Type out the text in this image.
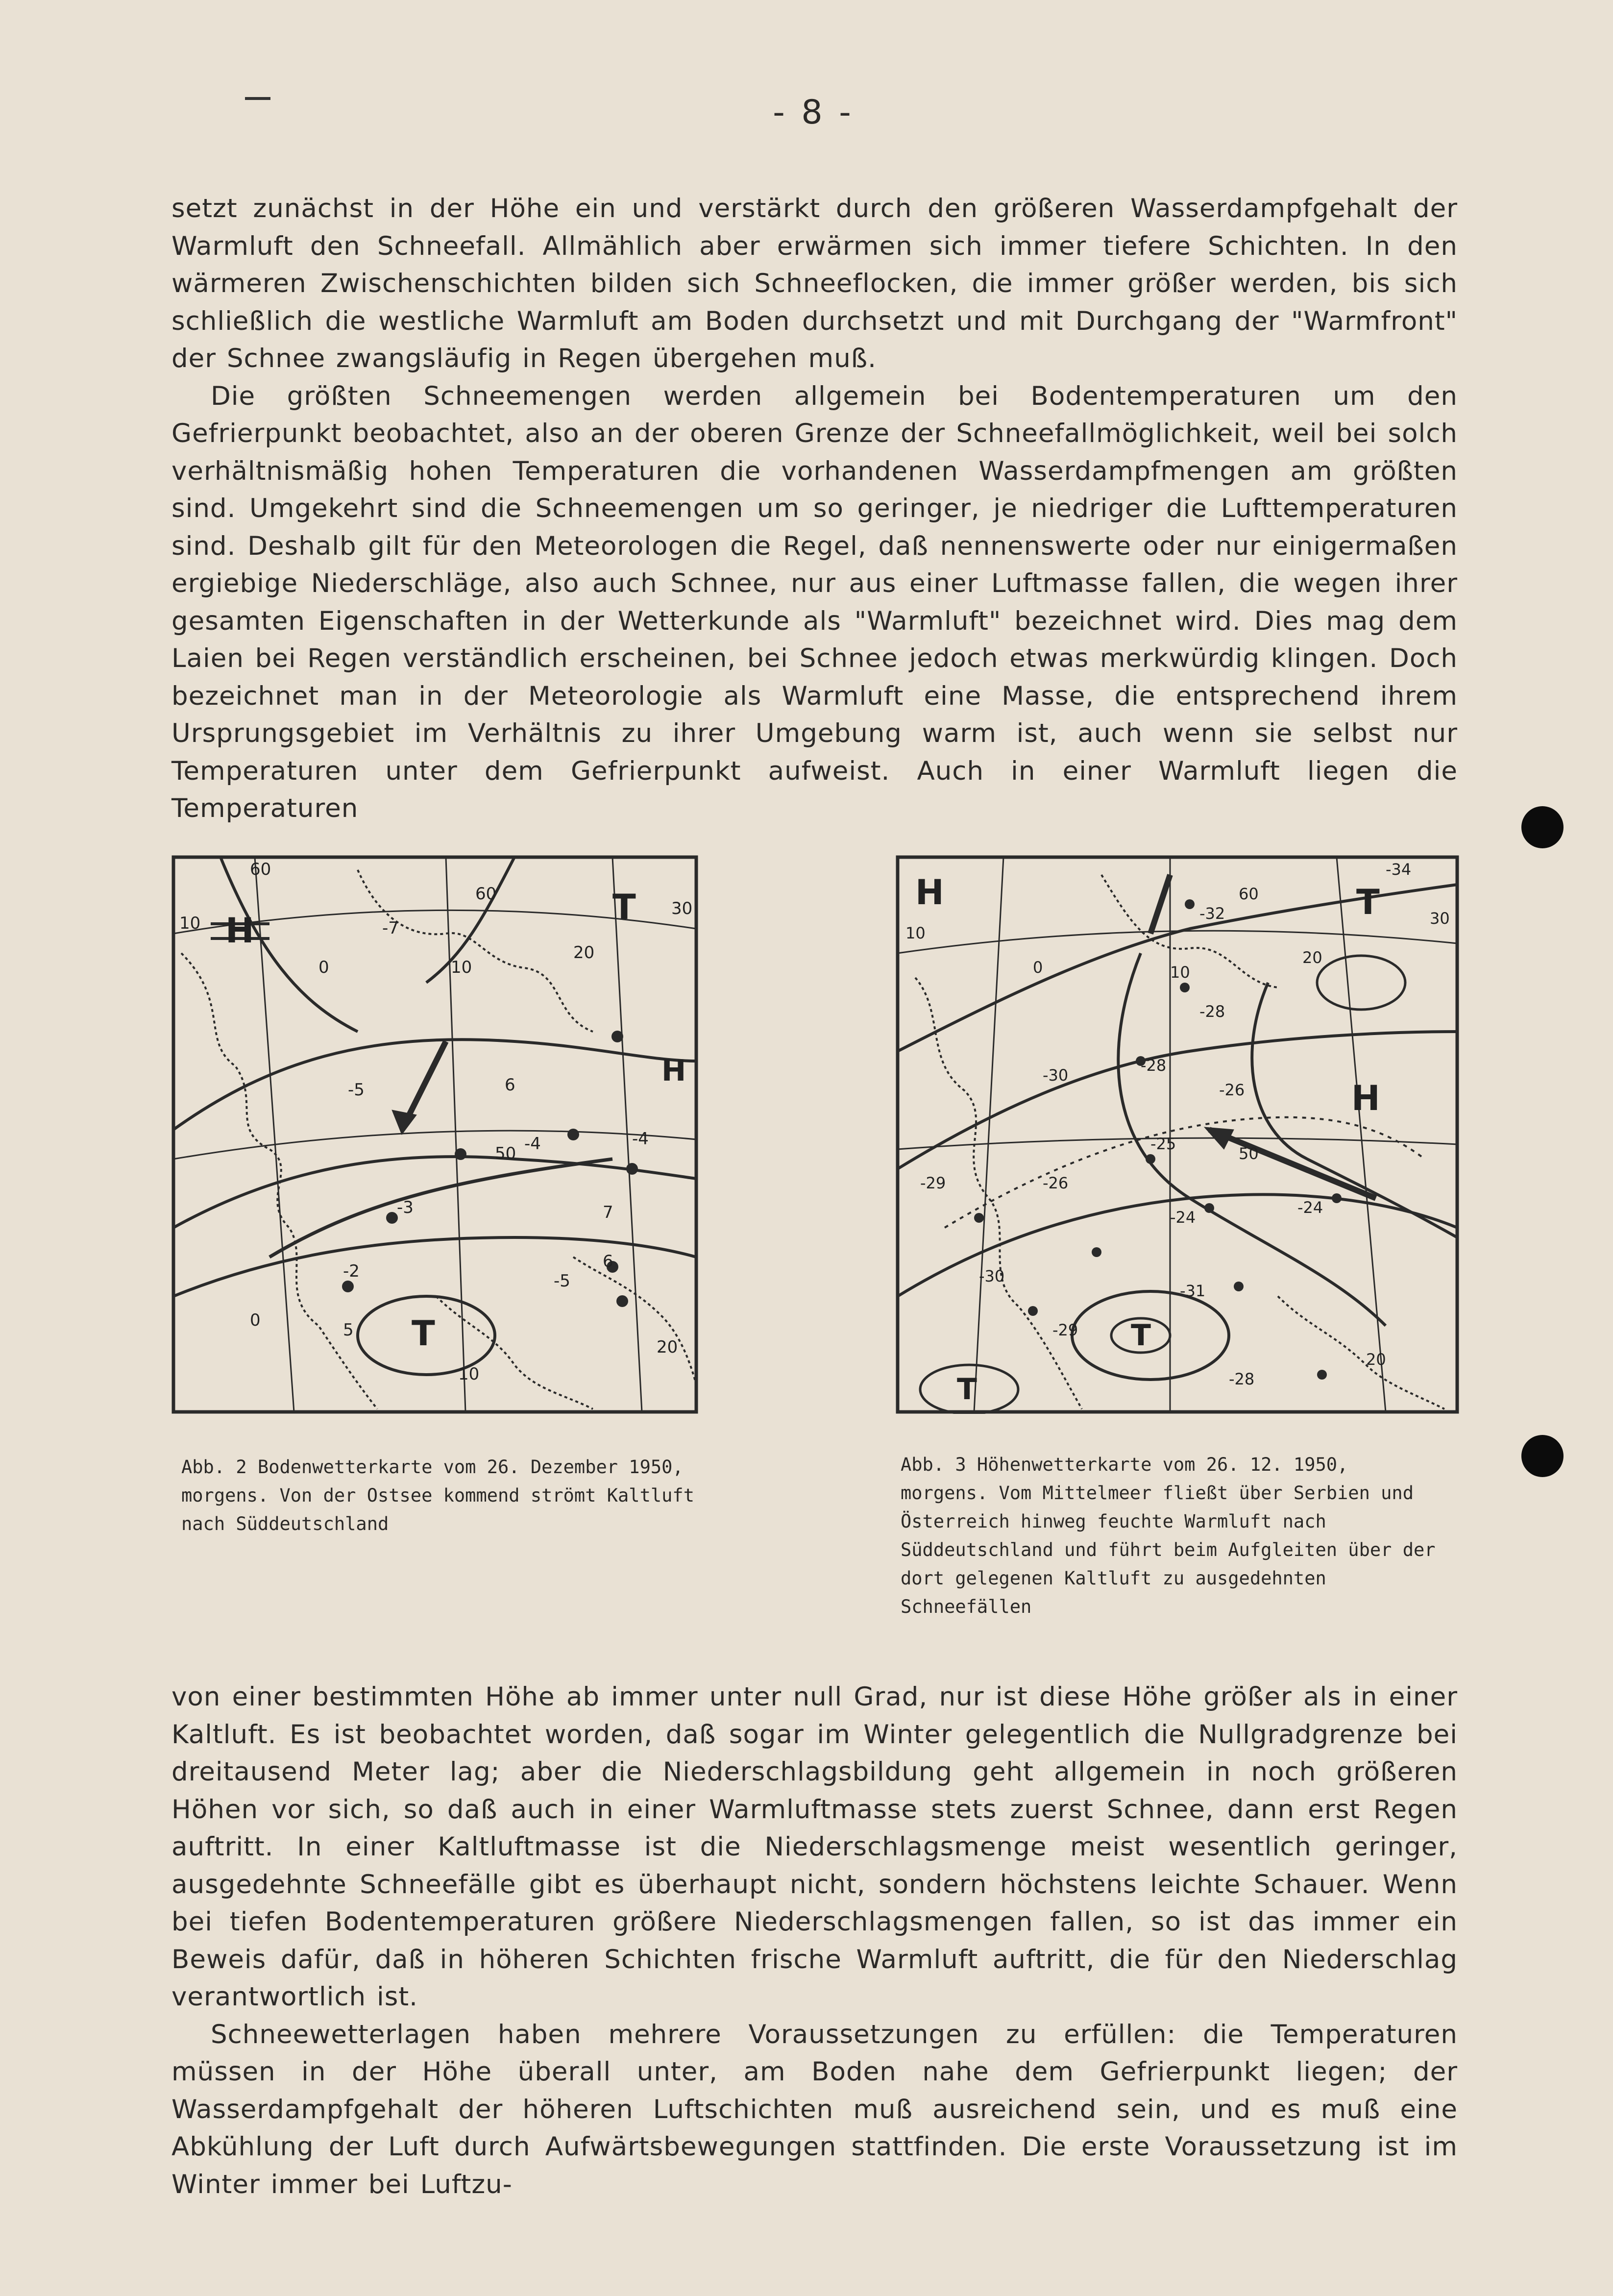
- 8 -

setzt zunächst in der Höhe ein und verstärkt durch den größeren Wasserdampfgehalt der Warmluft den Schneefall. Allmählich aber erwärmen sich immer tiefere Schichten. In den wärmeren Zwischenschichten bilden sich Schneeflocken, die immer größer werden, bis sich schließlich die westliche Warmluft am Boden durchsetzt und mit Durchgang der "Warmfront" der Schnee zwangsläufig in Regen übergehen muß.

Die größten Schneemengen werden allgemein bei Bodentemperaturen um den Gefrierpunkt beobachtet, also an der oberen Grenze der Schneefallmöglichkeit, weil bei solch verhältnismäßig hohen Temperaturen die vorhandenen Wasserdampfmengen am größten sind. Umgekehrt sind die Schneemengen um so geringer, je niedriger die Lufttemperaturen sind. Deshalb gilt für den Meteorologen die Regel, daß nennenswerte oder nur einigermaßen ergiebige Niederschläge, also auch Schnee, nur aus einer Luftmasse fallen, die wegen ihrer gesamten Eigenschaften in der Wetterkunde als "Warmluft" bezeichnet wird. Dies mag dem Laien bei Regen verständlich erscheinen, bei Schnee jedoch etwas merkwürdig klingen. Doch bezeichnet man in der Meteorologie als Warmluft eine Masse, die entsprechend ihrem Ursprungsgebiet im Verhältnis zu ihrer Umgebung warm ist, auch wenn sie selbst nur Temperaturen unter dem Gefrierpunkt aufweist. Auch in einer Warmluft liegen die Temperaturen

H
H
T
T
60
60
50
10
10
20
20
30
0
0
10	-7
-5
-3
-2
-4
5
6
7
6
-4
-5
H
H
T
T
T
60
50
10
10
20
20
30
0
-34
-32
-28
-28
-30
-30
-26
-26
-25
-24
-24
-29
-29
-31
-28

Abb. 2 Bodenwetterkarte vom 26. Dezember 1950, morgens. Von der Ostsee kommend strömt Kaltluft nach Süddeutschland

Abb. 3 Höhenwetterkarte vom 26. 12. 1950, morgens. Vom Mittelmeer fließt über Serbien und Österreich hinweg feuchte Warmluft nach Süddeutschland und führt beim Aufgleiten über der dort gelegenen Kaltluft zu ausgedehnten Schneefällen

von einer bestimmten Höhe ab immer unter null Grad, nur ist diese Höhe größer als in einer Kaltluft. Es ist beobachtet worden, daß sogar im Winter gelegentlich die Nullgradgrenze bei dreitausend Meter lag; aber die Niederschlagsbildung geht allgemein in noch größeren Höhen vor sich, so daß auch in einer Warmluftmasse stets zuerst Schnee, dann erst Regen auftritt. In einer Kaltluftmasse ist die Niederschlagsmenge meist wesentlich geringer, ausgedehnte Schneefälle gibt es überhaupt nicht, sondern höchstens leichte Schauer. Wenn bei tiefen Bodentemperaturen größere Niederschlagsmengen fallen, so ist das immer ein Beweis dafür, daß in höheren Schichten frische Warmluft auftritt, die für den Niederschlag verantwortlich ist.

Schneewetterlagen haben mehrere Voraussetzungen zu erfüllen: die Temperaturen müssen in der Höhe überall unter, am Boden nahe dem Gefrierpunkt liegen; der Wasserdampfgehalt der höheren Luftschichten muß ausreichend sein, und es muß eine Abkühlung der Luft durch Aufwärtsbewegungen stattfinden. Die erste Voraussetzung ist im Winter immer bei Luftzu-
